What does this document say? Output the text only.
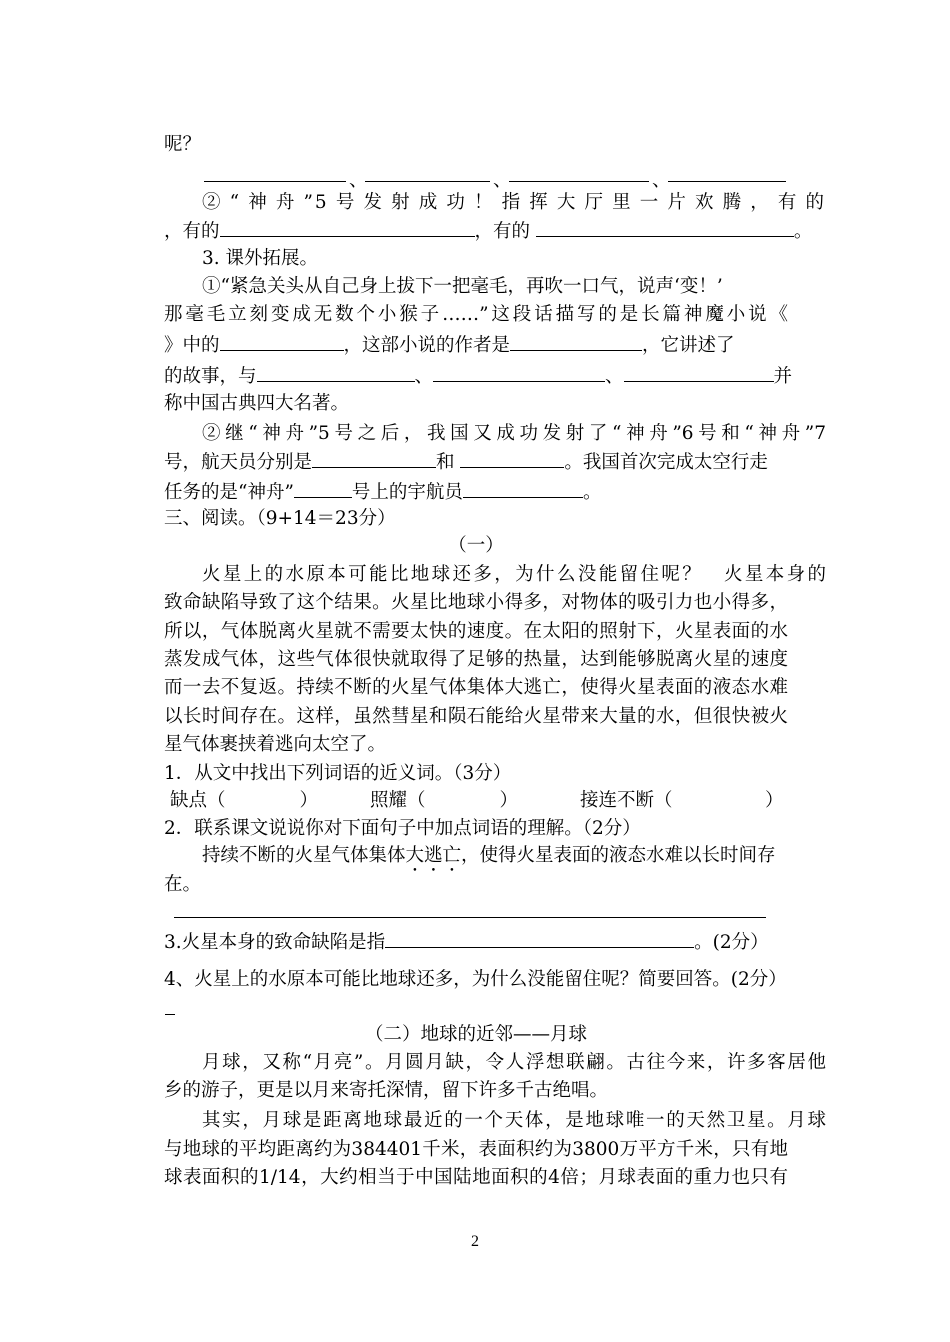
呢？
、	、	、
②“神舟”5号发射成功！指挥大厅里一片欢腾，有的
，有的	，有的	。
3. 课外拓展。
①“紧急关头从自己身上拔下一把毫毛，再吹一口气，说声‘变！’
那毫毛立刻变成无数个小猴子……”这段话描写的是长篇神魔小说《
》中的	，这部小说的作者是	，它讲述了
的故事，与	、	、	并
称中国古典四大名著。
②继“神舟”5号之后，我国又成功发射了“神舟”6号和“神舟”7
号，航天员分别是	和	。我国首次完成太空行走
任务的是“神舟”	号上的宇航员	。
三、阅读。（9+14＝23分）
（一）
火星上的水原本可能比地球还多，为什么没能留住呢？　火星本身的
致命缺陷导致了这个结果。火星比地球小得多，对物体的吸引力也小得多，
所以，气体脱离火星就不需要太快的速度。在太阳的照射下，火星表面的水
蒸发成气体，这些气体很快就取得了足够的热量，达到能够脱离火星的速度
而一去不复返。持续不断的火星气体集体大逃亡，使得火星表面的液态水难
以长时间存在。这样，虽然彗星和陨石能给火星带来大量的水，但很快被火
星气体裹挟着逃向太空了。
1．从文中找出下列词语的近义词。（3分）
缺点（　　　　）	照耀（　　　　）	接连不断（　　　　　）
2．联系课文说说你对下面句子中加点词语的理解。（2分）
持续不断的火星气体集体大逃亡，使得火星表面的液态水难以长时间存
在。
3.火星本身的致命缺陷是指	。(2分）
4、火星上的水原本可能比地球还多，为什么没能留住呢？简要回答。(2分）
（二）地球的近邻——月球
月球，又称“月亮”。月圆月缺，令人浮想联翩。古往今来，许多客居他
乡的游子，更是以月来寄托深情，留下许多千古绝唱。
其实，月球是距离地球最近的一个天体，是地球唯一的天然卫星。月球
与地球的平均距离约为384401千米，表面积约为3800万平方千米，只有地
球表面积的1/14，大约相当于中国陆地面积的4倍；月球表面的重力也只有
2
